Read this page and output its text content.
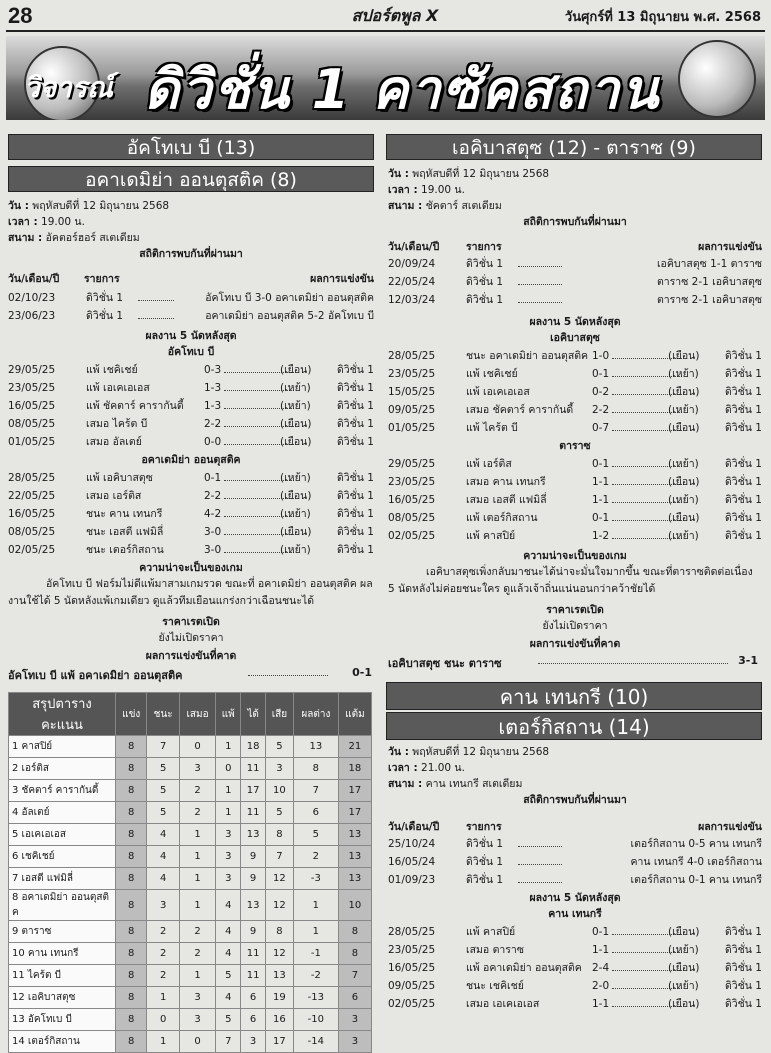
28	สปอร์ตพูล X	วันศุกร์ที่ 13 มิถุนายน พ.ศ. 2568
วิจารณ์ ดิวิชั่น 1 คาซัคสถาน
อัคโทเบ บี (13)
อคาเดมิย่า ออนตุสติค (8)
วัน : พฤหัสบดีที่ 12 มิถุนายน 2568
เวลา : 19.00 น.
สนาม : อัคตอร์ฮอร์ สเตเดียม
สถิติการพบกันที่ผ่านมา
วัน/เดือน/ปี รายการ	ผลการแข่งขัน
02/10/23	ดิวิชั่น 1	อัคโทเบ บี 3-0 อคาเดมิย่า ออนตุสติค
23/06/23	ดิวิชั่น 1	อคาเดมิย่า ออนตุสติค 5-2 อัคโทเบ บี
ผลงาน 5 นัดหลังสุด
อัคโทเบ บี
29/05/25	แพ้ เชคิเชย์	0-3	(เยือน) ดิวิชั่น 1
23/05/25	แพ้ เอเคเอเอส	1-3	(เหย้า) ดิวิชั่น 1
16/05/25	แพ้ ชัคตาร์ คารากันดี้ 1-3	(เหย้า) ดิวิชั่น 1
08/05/25	เสมอ ไคร้ต บี	2-2	(เยือน) ดิวิชั่น 1
01/05/25	เสมอ อัลเตย์	0-0	(เยือน) ดิวิชั่น 1
อคาเดมิย่า ออนตุสติค
28/05/25	แพ้ เอคิบาสตุซ	0-1	(เหย้า) ดิวิชั่น 1
22/05/25	เสมอ เอร์ติส	2-2	(เยือน) ดิวิชั่น 1
16/05/25	ชนะ คาน เทนกรี	4-2	(เหย้า) ดิวิชั่น 1
08/05/25	ชนะ เอสตี แฟมิลี่	3-0	(เยือน) ดิวิชั่น 1
02/05/25	ชนะ เตอร์กิสถาน	3-0	(เหย้า) ดิวิชั่น 1
ความน่าจะเป็นของเกม
อัคโทเบ บี ฟอร์มไม่ดีแพ้มาสามเกมรวด ขณะที่ อคาเดมิย่า ออนตุสติค ผลงานใช้ได้ 5 นัดหลังแพ้เกมเดียว ดูแล้วทีมเยือนแกร่งกว่าเฉือนชนะได้
ราคาเรตเปิด
ยังไม่เปิดราคา
ผลการแข่งขันที่คาด
อัคโทเบ บี แพ้ อคาเดมิย่า ออนตุสติค	0-1
สรุปตารางคะแนน	แข่ง	ชนะ	เสมอ	แพ้	ได้	เสีย	ผลต่าง	แต้ม
1 คาสปิย์	8	7	0	1	18	5	13	21
2 เอร์ติส	8	5	3	0	11	3	8	18
3 ชัคตาร์ คารากันดี้	8	5	2	1	17	10	7	17
4 อัลเตย์	8	5	2	1	11	5	6	17
5 เอเคเอเอส	8	4	1	3	13	8	5	13
6 เชคิเชย์	8	4	1	3	9	7	2	13
7 เอสตี แฟมิลี่	8	4	1	3	9	12	-3	13
8 อคาเดมิย่า ออนตุสติค	8	3	1	4	13	12	1	10
9 ตาราซ	8	2	2	4	9	8	1	8
10 คาน เทนกรี	8	2	2	4	11	12	-1	8
11 ไคร้ต บี	8	2	1	5	11	13	-2	7
12 เอคิบาสตุซ	8	1	3	4	6	19	-13	6
13 อัคโทเบ บี	8	0	3	5	6	16	-10	3
14 เตอร์กิสถาน	8	1	0	7	3	17	-14	3
เอคิบาสตุซ (12) - ตาราซ (9)
วัน : พฤหัสบดีที่ 12 มิถุนายน 2568
เวลา : 19.00 น.
สนาม : ชัคตาร์ สเตเดียม
สถิติการพบกันที่ผ่านมา
วัน/เดือน/ปี	รายการ	ผลการแข่งขัน
20/09/24	ดิวิชั่น 1	เอคิบาสตุซ 1-1 ตาราซ
22/05/24	ดิวิชั่น 1	ตาราซ 2-1 เอคิบาสตุซ
12/03/24	ดิวิชั่น 1	ตาราซ 2-1 เอคิบาสตุซ
ผลงาน 5 นัดหลังสุด
เอคิบาสตุซ
28/05/25	ชนะ อคาเดมิย่า ออนตุสติค 1-0	(เยือน) ดิวิชั่น 1
23/05/25	แพ้ เชคิเชย์	0-1	(เหย้า) ดิวิชั่น 1
15/05/25	แพ้ เอเคเอเอส	0-2	(เยือน) ดิวิชั่น 1
09/05/25	เสมอ ชัคตาร์ คารากันดี้ 2-2	(เหย้า) ดิวิชั่น 1
01/05/25	แพ้ ไคร้ต บี	0-7	(เยือน) ดิวิชั่น 1
ตาราซ
29/05/25	แพ้ เอร์ติส	0-1	(เหย้า) ดิวิชั่น 1
23/05/25	เสมอ คาน เทนกรี	1-1	(เยือน) ดิวิชั่น 1
16/05/25	เสมอ เอสตี แฟมิลี่	1-1	(เหย้า) ดิวิชั่น 1
08/05/25	แพ้ เตอร์กิสถาน	0-1	(เยือน) ดิวิชั่น 1
02/05/25	แพ้ คาสปิย์	1-2	(เหย้า) ดิวิชั่น 1
ความน่าจะเป็นของเกม
เอคิบาสตุซเพิ่งกลับมาชนะได้น่าจะมั่นใจมากขึ้น ขณะที่ตาราซติดต่อเนื่อง 5 นัดหลังไม่ค่อยชนะใคร ดูแล้วเจ้าถิ่นแน่นอนกว่าคว้าชัยได้
ราคาเรตเปิด
ยังไม่เปิดราคา
ผลการแข่งขันที่คาด
เอคิบาสตุซ ชนะ ตาราซ	3-1
คาน เทนกรี (10)
เตอร์กิสถาน (14)
วัน : พฤหัสบดีที่ 12 มิถุนายน 2568
เวลา : 21.00 น.
สนาม : คาน เทนกรี สเตเดียม
สถิติการพบกันที่ผ่านมา
วัน/เดือน/ปี	รายการ	ผลการแข่งขัน
25/10/24	ดิวิชั่น 1	เตอร์กิสถาน 0-5 คาน เทนกรี
16/05/24	ดิวิชั่น 1	คาน เทนกรี 4-0 เตอร์กิสถาน
01/09/23	ดิวิชั่น 1	เตอร์กิสถาน 0-1 คาน เทนกรี
ผลงาน 5 นัดหลังสุด
คาน เทนกรี
28/05/25	แพ้ คาสปิย์	0-1	(เยือน) ดิวิชั่น 1
23/05/25	เสมอ ตาราซ	1-1	(เหย้า) ดิวิชั่น 1
16/05/25	แพ้ อคาเดมิย่า ออนตุสติค 2-4	(เยือน) ดิวิชั่น 1
09/05/25	ชนะ เชคิเชย์	2-0	(เหย้า) ดิวิชั่น 1
02/05/25	เสมอ เอเคเอเอส	1-1	(เยือน) ดิวิชั่น 1
